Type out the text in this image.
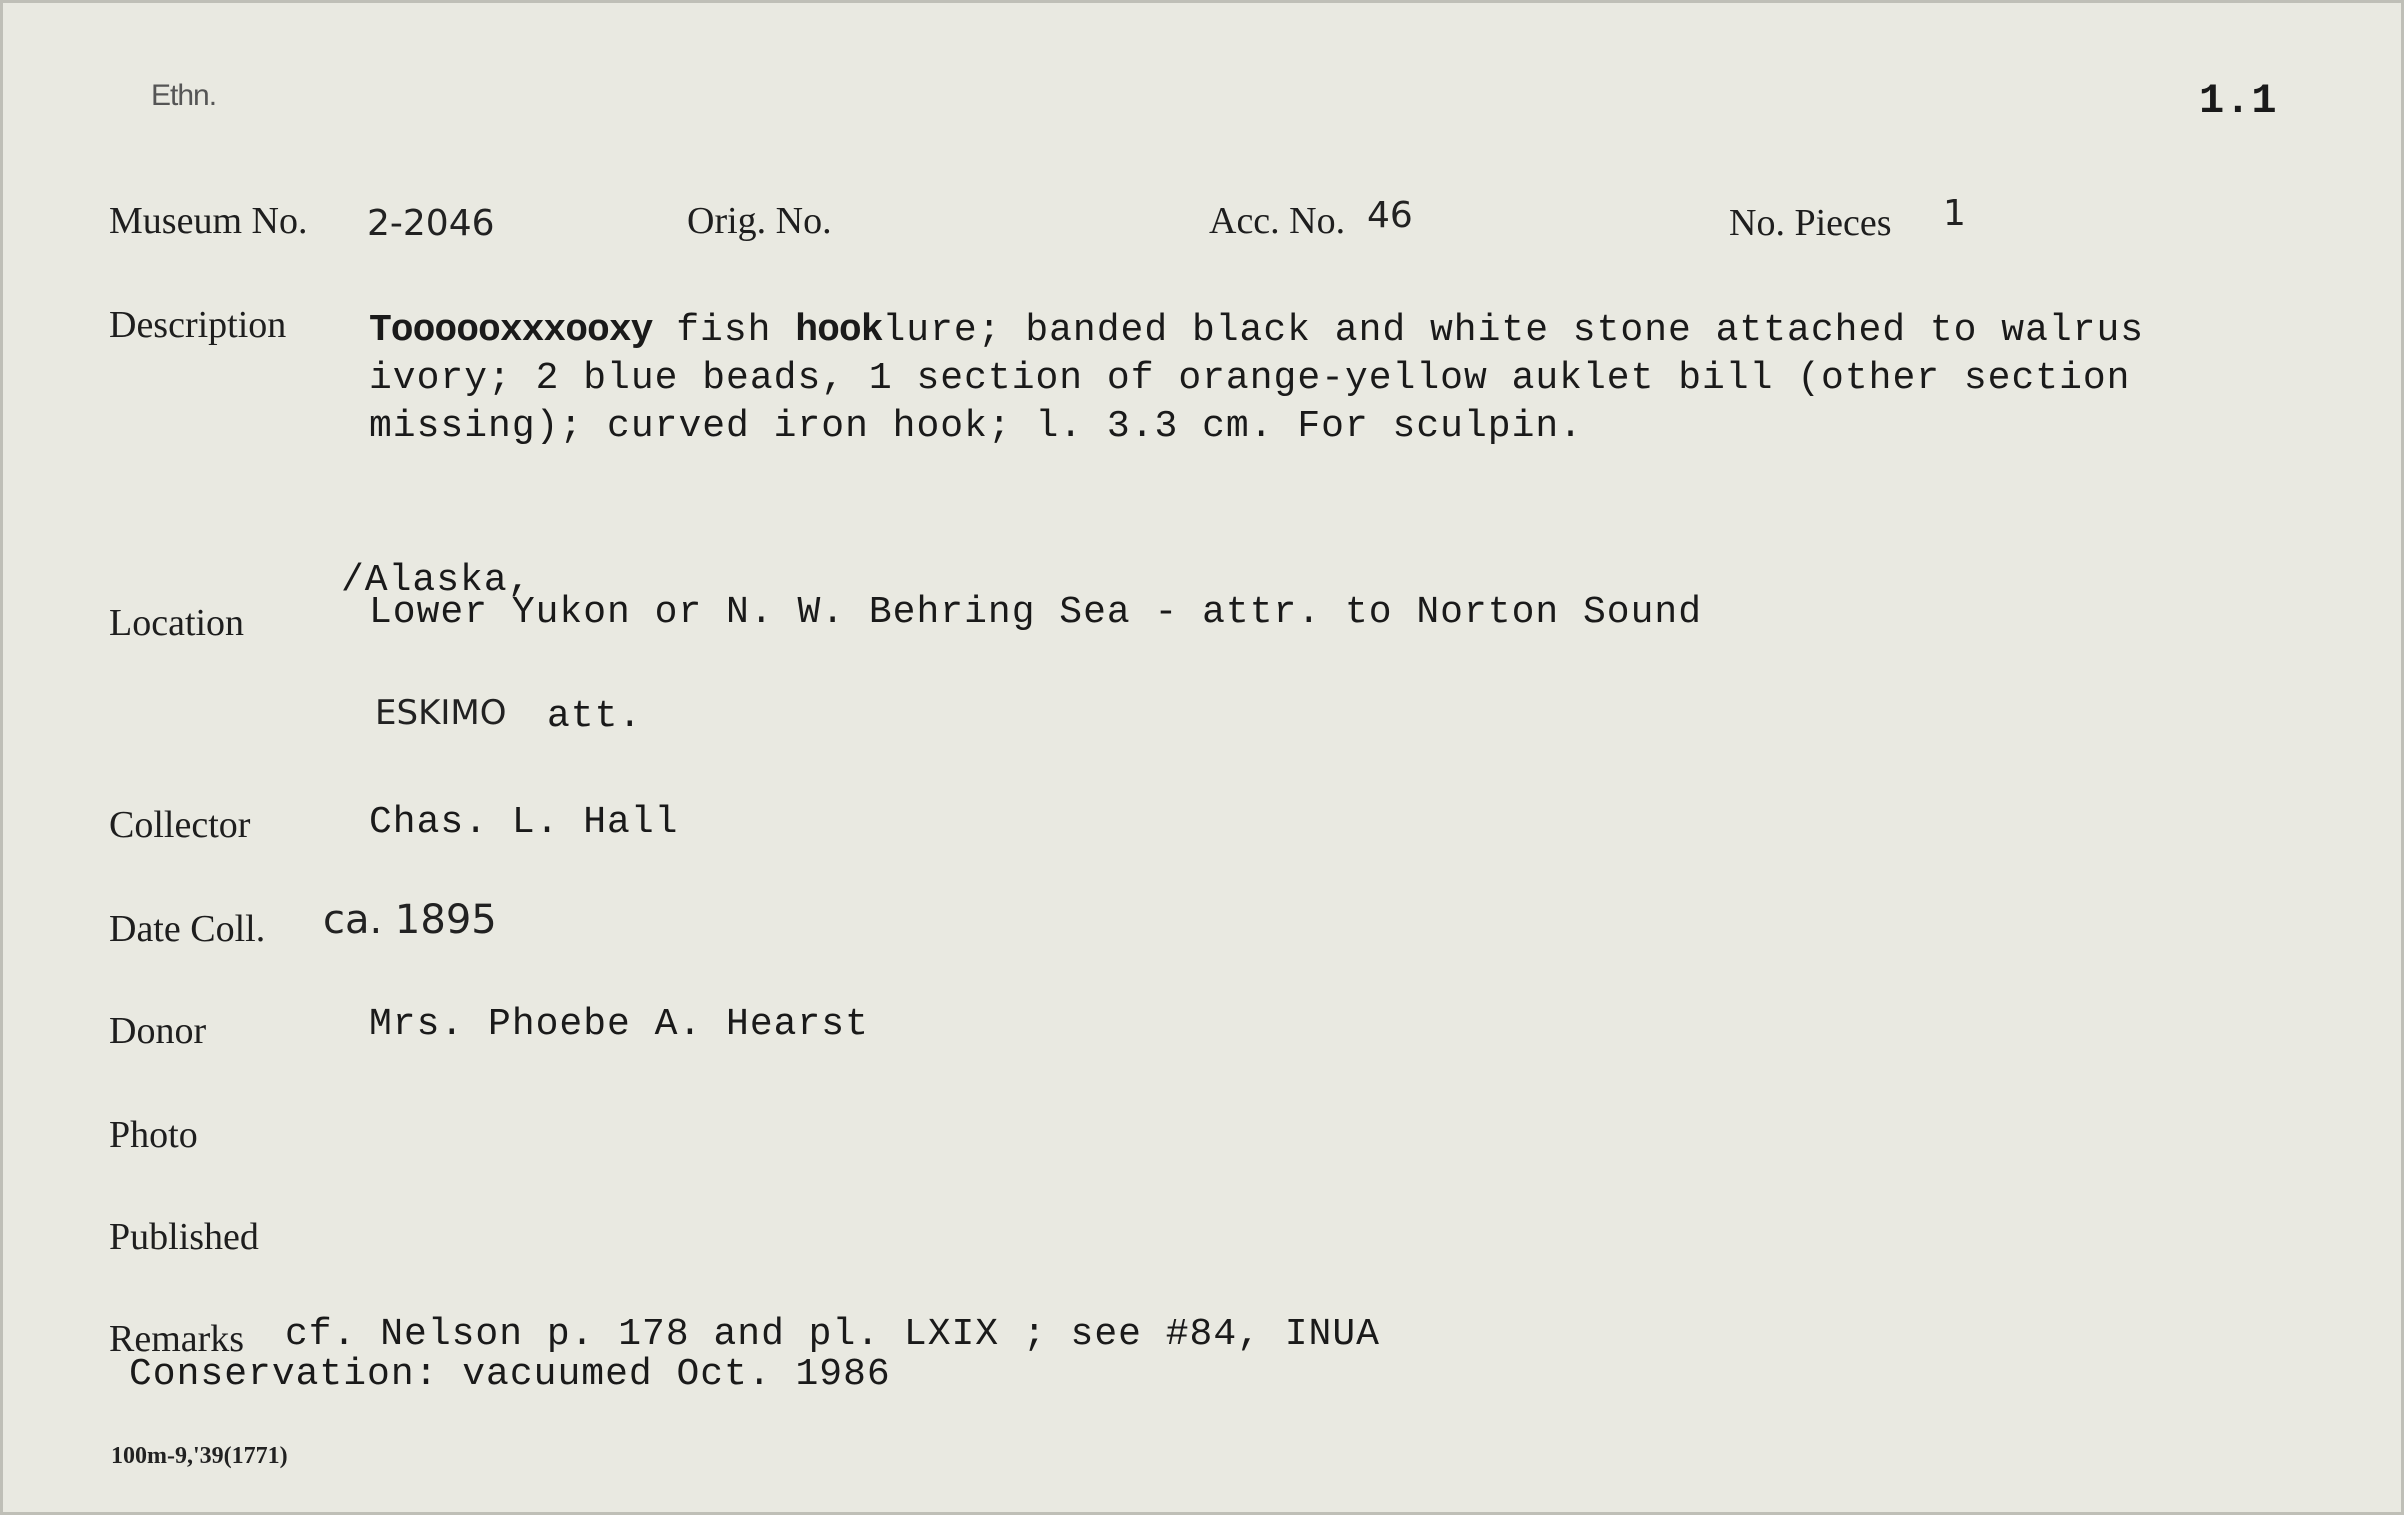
Ethn.	1.1
Museum No. 2-2046	Orig. No.	Acc. No. 46	No. Pieces 1
Description Toooooxxxooxy fish hooklure; banded black and white stone attached to walrus
ivory; 2 blue beads, 1 section of orange-yellow auklet bill (other section
missing); curved iron hook; l. 3.3 cm. For sculpin.
/Alaska,
Location	Lower Yukon or N. W. Behring Sea - attr. to Norton Sound
ESKIMO att.
Collector	Chas. L. Hall
Date Coll. ca. 1895
Donor	Mrs. Phoebe A. Hearst
Photo
Published
Remarks cf. Nelson p. 178 and pl. LXIX ; see #84, INUA
Conservation: vacuumed Oct. 1986
100m-9,'39(1771)
